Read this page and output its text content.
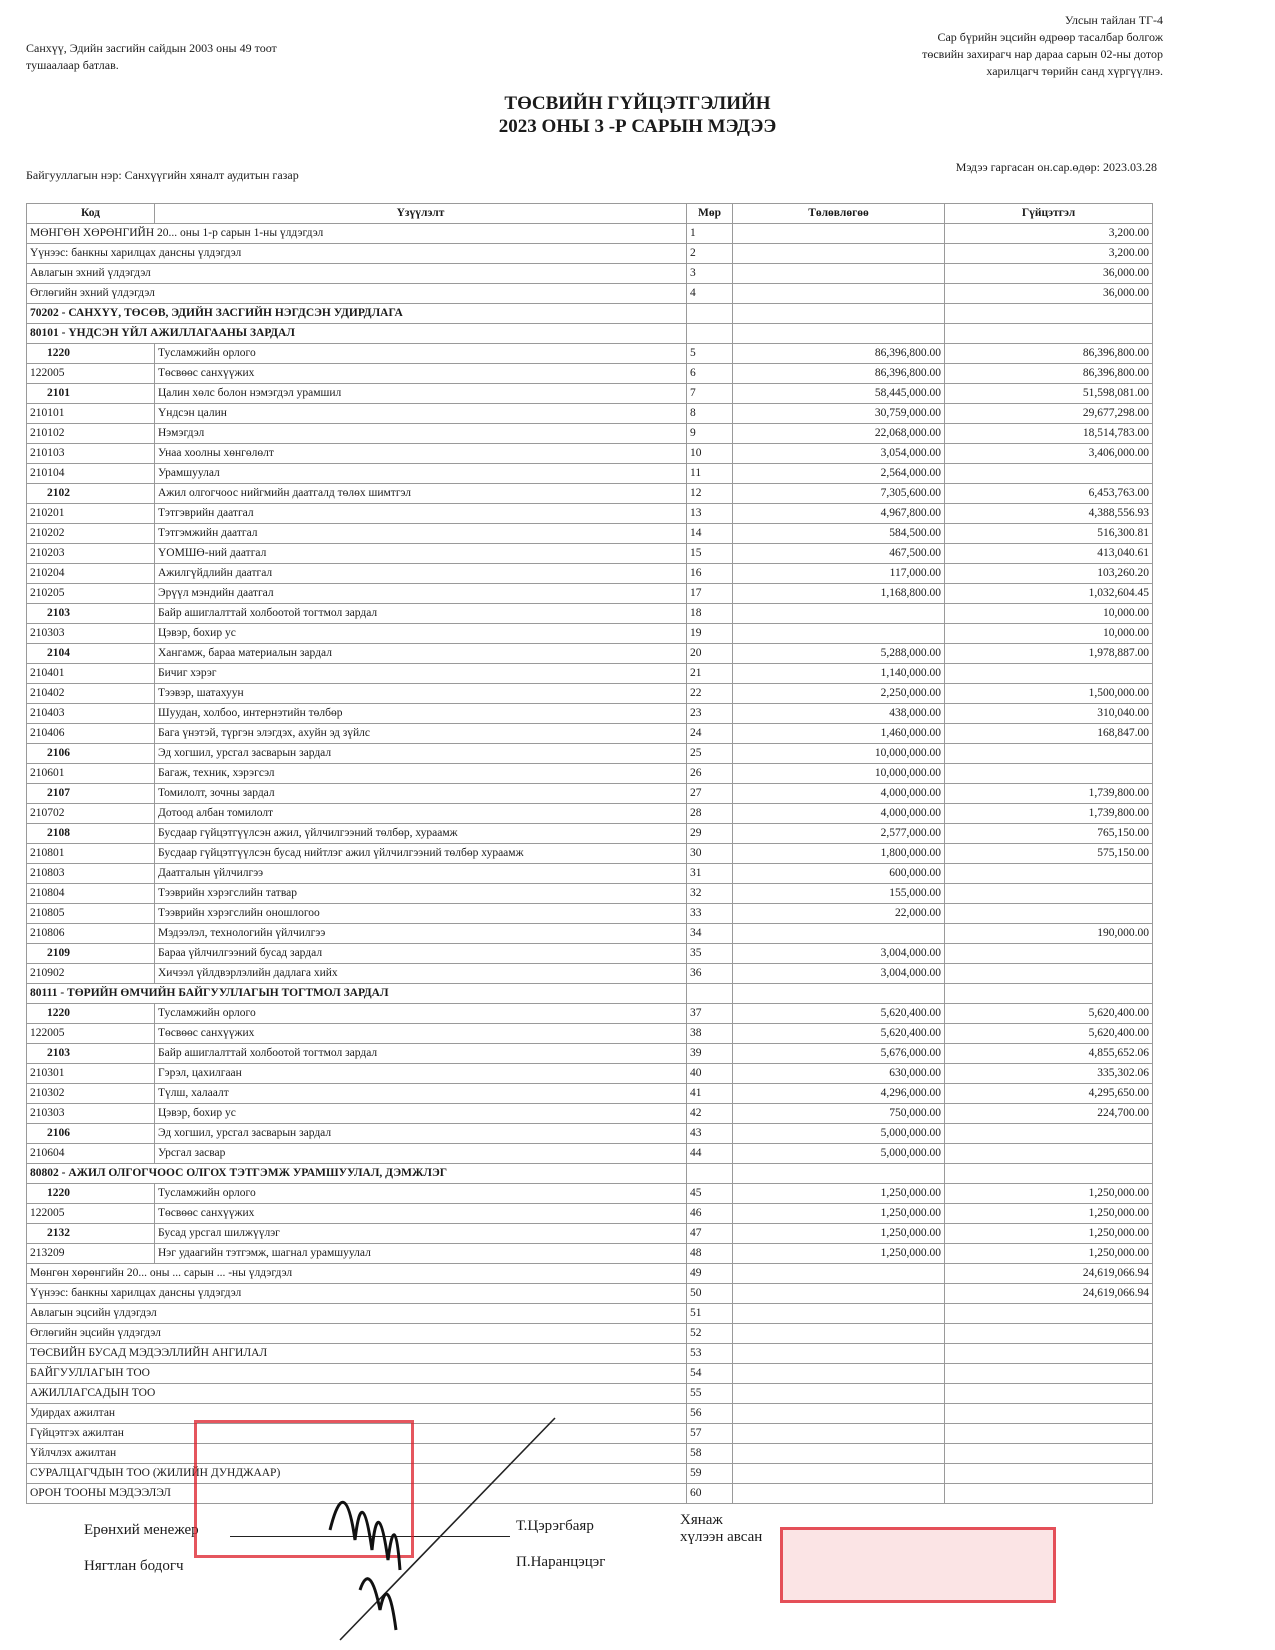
Санхүү, Эдийн засгийн сайдын 2003 оны 49 тоот
тушаалаар батлав.
Улсын тайлан ТГ-4
Сар бүрийн эцсийн өдрөөр тасалбар болгож
төсвийн захирагч нар дараа сарын 02-ны дотор
харилцагч төрийн санд хүргүүлнэ.
ТӨСВИЙН ГҮЙЦЭТГЭЛИЙН
2023 ОНЫ 3 -Р САРЫН МЭДЭЭ
Байгууллагын нэр: Санхүүгийн хяналт аудитын газар
Мэдээ гаргасан он.сар.өдөр: 2023.03.28
Код	Үзүүлэлт	Мөр	Төлөвлөгөө	Гүйцэтгэл
МӨНГӨН ХӨРӨНГИЙН 20... оны 1-р сарын 1-ны үлдэгдэл		1		3,200.00
Үүнээс: банкны харилцах дансны үлдэгдэл		2		3,200.00
Авлагын эхний үлдэгдэл		3		36,000.00
Өглөгийн эхний үлдэгдэл		4		36,000.00
70202 - САНХҮҮ, ТӨСӨВ, ЭДИЙН ЗАСГИЙН НЭГДСЭН УДИРДЛАГА				
80101 - ҮНДСЭН ҮЙЛ АЖИЛЛАГААНЫ ЗАРДАЛ				
1220	Тусламжийн орлого	5	86,396,800.00	86,396,800.00
122005	Төсвөөс санхүүжих	6	86,396,800.00	86,396,800.00
2101	Цалин хөлс болон нэмэгдэл урамшил	7	58,445,000.00	51,598,081.00
210101	Үндсэн цалин	8	30,759,000.00	29,677,298.00
210102	Нэмэгдэл	9	22,068,000.00	18,514,783.00
210103	Унаа хоолны хөнгөлөлт	10	3,054,000.00	3,406,000.00
210104	Урамшуулал	11	2,564,000.00	
2102	Ажил олгогчоос нийгмийн даатгалд төлөх шимтгэл	12	7,305,600.00	6,453,763.00
210201	Тэтгэврийн даатгал	13	4,967,800.00	4,388,556.93
210202	Тэтгэмжийн даатгал	14	584,500.00	516,300.81
210203	ҮОМШӨ-ний даатгал	15	467,500.00	413,040.61
210204	Ажилгүйдлийн даатгал	16	117,000.00	103,260.20
210205	Эрүүл мэндийн даатгал	17	1,168,800.00	1,032,604.45
2103	Байр ашиглалттай холбоотой тогтмол зардал	18		10,000.00
210303	Цэвэр, бохир ус	19		10,000.00
2104	Хангамж, бараа материалын зардал	20	5,288,000.00	1,978,887.00
210401	Бичиг хэрэг	21	1,140,000.00	
210402	Тээвэр, шатахуун	22	2,250,000.00	1,500,000.00
210403	Шуудан, холбоо, интернэтийн төлбөр	23	438,000.00	310,040.00
210406	Бага үнэтэй, түргэн элэгдэх, ахуйн эд зүйлс	24	1,460,000.00	168,847.00
2106	Эд хогшил, урсгал засварын зардал	25	10,000,000.00	
210601	Багаж, техник, хэрэгсэл	26	10,000,000.00	
2107	Томилолт, зочны зардал	27	4,000,000.00	1,739,800.00
210702	Дотоод албан томилолт	28	4,000,000.00	1,739,800.00
2108	Бусдаар гүйцэтгүүлсэн ажил, үйлчилгээний төлбөр, хураамж	29	2,577,000.00	765,150.00
210801	Бусдаар гүйцэтгүүлсэн бусад нийтлэг ажил үйлчилгээний төлбөр хураамж	30	1,800,000.00	575,150.00
210803	Даатгалын үйлчилгээ	31	600,000.00	
210804	Тээврийн хэрэгслийн татвар	32	155,000.00	
210805	Тээврийн хэрэгслийн оношлогоо	33	22,000.00	
210806	Мэдээлэл, технологийн үйлчилгээ	34		190,000.00
2109	Бараа үйлчилгээний бусад зардал	35	3,004,000.00	
210902	Хичээл үйлдвэрлэлийн дадлага хийх	36	3,004,000.00	
80111 - ТӨРИЙН ӨМЧИЙН БАЙГУУЛЛАГЫН ТОГТМОЛ ЗАРДАЛ				
1220	Тусламжийн орлого	37	5,620,400.00	5,620,400.00
122005	Төсвөөс санхүүжих	38	5,620,400.00	5,620,400.00
2103	Байр ашиглалттай холбоотой тогтмол зардал	39	5,676,000.00	4,855,652.06
210301	Гэрэл, цахилгаан	40	630,000.00	335,302.06
210302	Түлш, халаалт	41	4,296,000.00	4,295,650.00
210303	Цэвэр, бохир ус	42	750,000.00	224,700.00
2106	Эд хогшил, урсгал засварын зардал	43	5,000,000.00	
210604	Урсгал засвар	44	5,000,000.00	
80802 - АЖИЛ ОЛГОГЧООС ОЛГОХ ТЭТГЭМЖ УРАМШУУЛАЛ, ДЭМЖЛЭГ				
1220	Тусламжийн орлого	45	1,250,000.00	1,250,000.00
122005	Төсвөөс санхүүжих	46	1,250,000.00	1,250,000.00
2132	Бусад урсгал шилжүүлэг	47	1,250,000.00	1,250,000.00
213209	Нэг удаагийн тэтгэмж, шагнал урамшуулал	48	1,250,000.00	1,250,000.00
Мөнгөн хөрөнгийн 20... оны ... сарын ... -ны үлдэгдэл		49		24,619,066.94
Үүнээс: банкны харилцах дансны үлдэгдэл		50		24,619,066.94
Авлагын эцсийн үлдэгдэл		51		
Өглөгийн эцсийн үлдэгдэл		52		
ТӨСВИЙН БУСАД МЭДЭЭЛЛИЙН АНГИЛАЛ		53		
БАЙГУУЛЛАГЫН ТОО		54		
АЖИЛЛАГСАДЫН ТОО		55		
Удирдах ажилтан		56		
Гүйцэтгэх ажилтан		57		
Үйлчлэх ажилтан		58		
СУРАЛЦАГЧДЫН ТОО (ЖИЛИЙН ДУНДЖААР)		59		
ОРОН ТООНЫ МЭДЭЭЛЭЛ		60		
Ерөнхий менежер	Т.Цэрэгбаяр
Нягтлан бодогч	П.Наранцэцэг
Хянаж
хүлээн авсан
